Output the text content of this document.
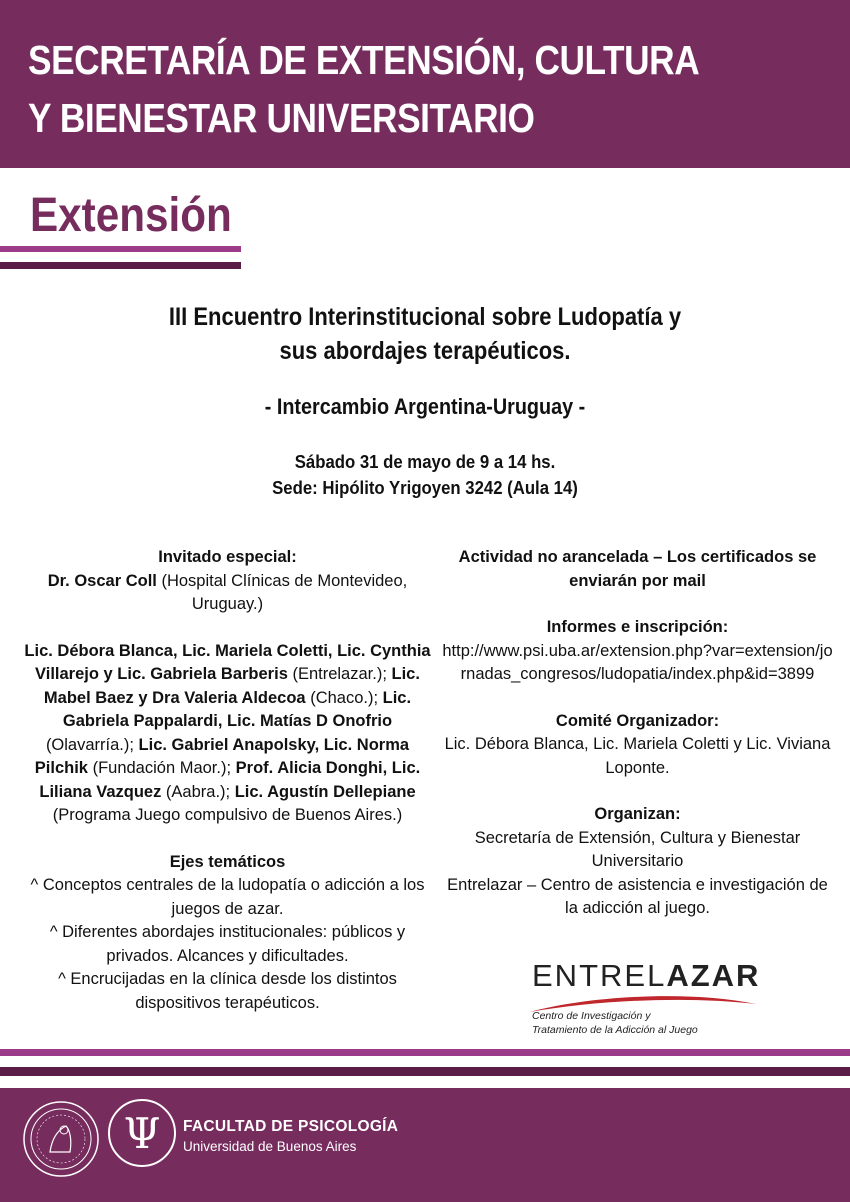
SECRETARÍA DE EXTENSIÓN, CULTURA
Y BIENESTAR UNIVERSITARIO
Extensión
III Encuentro Interinstitucional sobre Ludopatía y
sus abordajes terapéuticos.
- Intercambio Argentina-Uruguay -
Sábado 31 de mayo de 9 a 14 hs.
Sede: Hipólito Yrigoyen 3242 (Aula 14)

Invitado especial:
Dr. Oscar Coll (Hospital Clínicas de Montevideo, Uruguay.)

Lic. Débora Blanca, Lic. Mariela Coletti, Lic. Cynthia Villarejo y Lic. Gabriela Barberis (Entrelazar.); Lic. Mabel Baez y Dra Valeria Aldecoa (Chaco.); Lic. Gabriela Pappalardi, Lic. Matías D Onofrio (Olavarría.); Lic. Gabriel Anapolsky, Lic. Norma Pilchik (Fundación Maor.); Prof. Alicia Donghi, Lic. Liliana Vazquez (Aabra.); Lic. Agustín Dellepiane (Programa Juego compulsivo de Buenos Aires.)

Ejes temáticos
^ Conceptos centrales de la ludopatía o adicción a los juegos de azar.
^ Diferentes abordajes institucionales: públicos y privados. Alcances y dificultades.
^ Encrucijadas en la clínica desde los distintos dispositivos terapéuticos.

Actividad no arancelada – Los certificados se enviarán por mail

Informes e inscripción:
http://www.psi.uba.ar/extension.php?var=extension/jornadas_congresos/ludopatia/index.php&id=3899

Comité Organizador:
Lic. Débora Blanca, Lic. Mariela Coletti y Lic. Viviana Loponte.

Organizan:
Secretaría de Extensión, Cultura y Bienestar Universitario
Entrelazar – Centro de asistencia e investigación de la adicción al juego.

ENTRELAZAR
Centro de Investigación y
Tratamiento de la Adicción al Juego
Ψ FACULTAD DE PSICOLOGÍA
Universidad de Buenos Aires
